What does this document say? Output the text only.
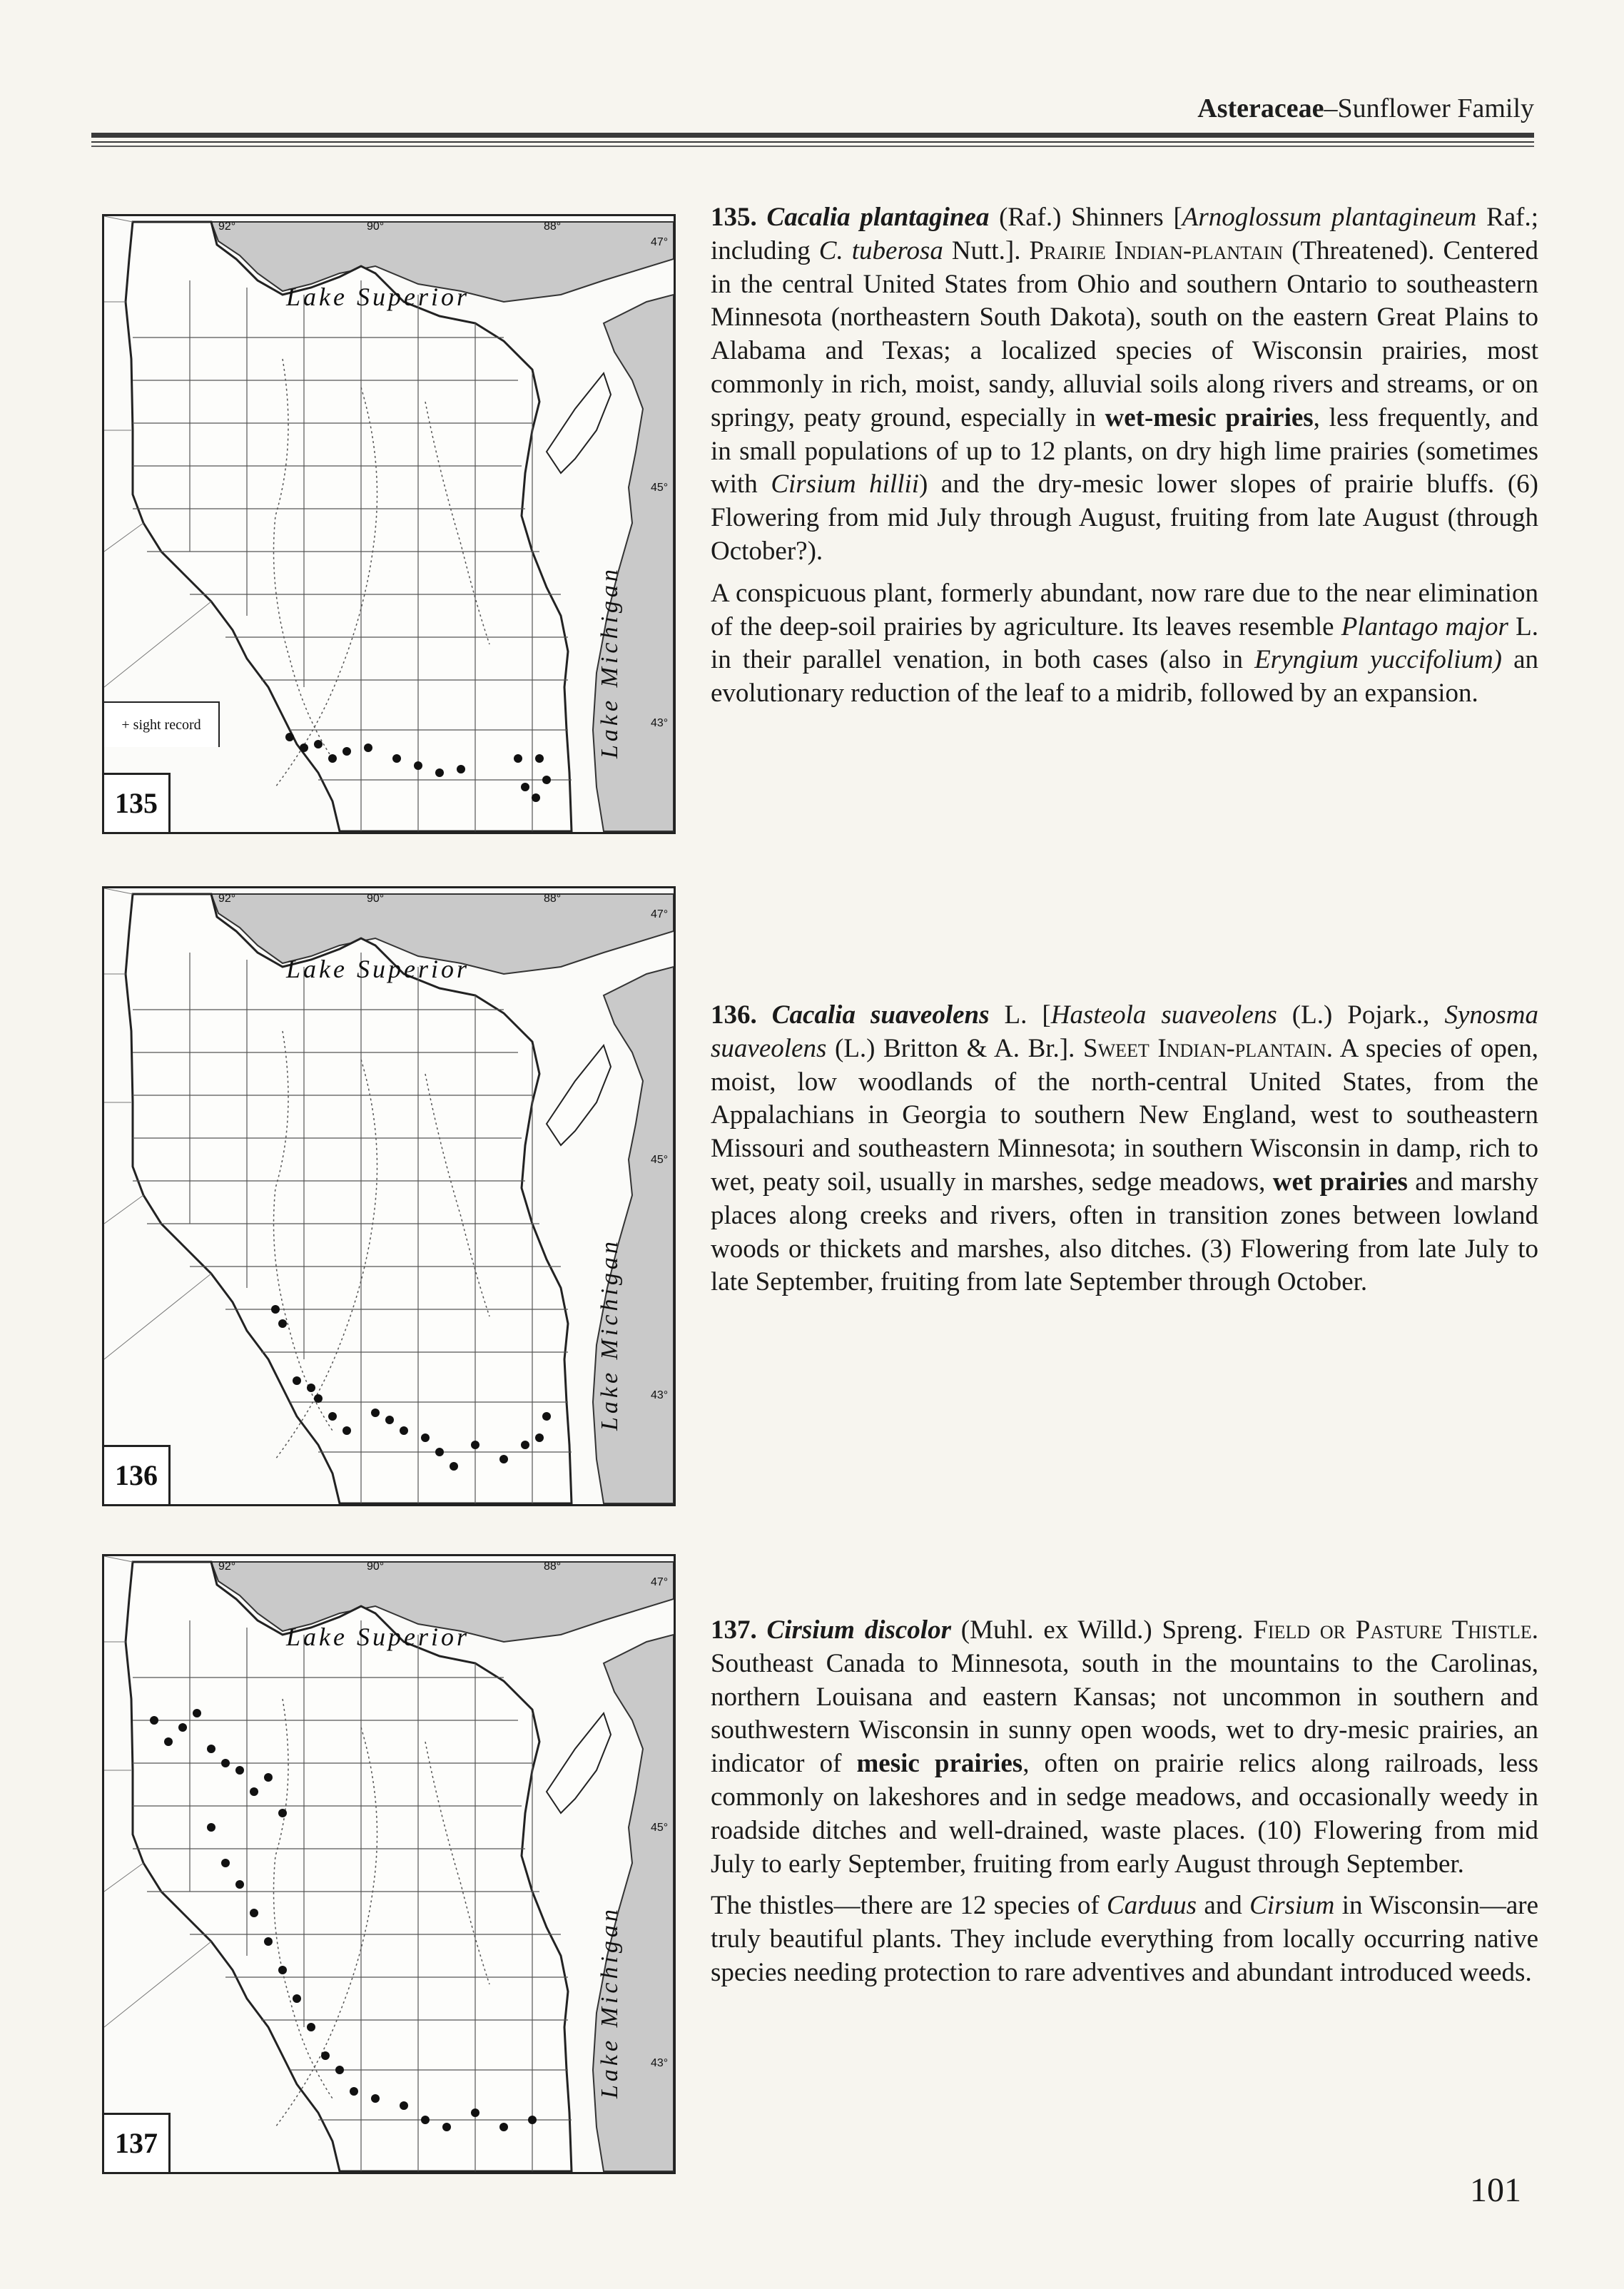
Asteraceae–Sunflower Family
Lake Superior
Lake Michigan
92°	90°	88°
47°
45°
43°
+ sight record
135
Lake Superior
Lake Michigan
92°	90°	88°
47°
45°
43°
136
Lake Superior
Lake Michigan
92°	90°	88°
47°
45°
43°
137

135. Cacalia plantaginea (Raf.) Shinners [Arnoglossum plantagineum Raf.; including C. tuberosa Nutt.]. Prairie Indian-plantain (Threatened). Centered in the central United States from Ohio and southern Ontario to southeastern Minnesota (northeastern South Dakota), south on the eastern Great Plains to Alabama and Texas; a localized species of Wisconsin prairies, most commonly in rich, moist, sandy, alluvial soils along rivers and streams, or on springy, peaty ground, especially in wet-mesic prairies, less frequently, and in small populations of up to 12 plants, on dry high lime prairies (sometimes with Cirsium hillii) and the dry-mesic lower slopes of prairie bluffs. (6) Flowering from mid July through August, fruiting from late August (through October?).

A conspicuous plant, formerly abundant, now rare due to the near elimination of the deep-soil prairies by agriculture. Its leaves resemble Plantago major L. in their parallel venation, in both cases (also in Eryngium yuccifolium) an evolutionary reduction of the leaf to a midrib, followed by an expansion.

136. Cacalia suaveolens L. [Hasteola suaveolens (L.) Pojark., Synosma suaveolens (L.) Britton & A. Br.]. Sweet Indian-plantain. A species of open, moist, low woodlands of the north-central United States, from the Appalachians in Georgia to southern New England, west to southeastern Missouri and southeastern Minnesota; in southern Wisconsin in damp, rich to wet, peaty soil, usually in marshes, sedge meadows, wet prairies and marshy places along creeks and rivers, often in transition zones between lowland woods or thickets and marshes, also ditches. (3) Flowering from late July to late September, fruiting from late September through October.

137. Cirsium discolor (Muhl. ex Willd.) Spreng. Field or Pasture Thistle. Southeast Canada to Minnesota, south in the mountains to the Carolinas, northern Louisana and eastern Kansas; not uncommon in southern and southwestern Wisconsin in sunny open woods, wet to dry-mesic prairies, an indicator of mesic prairies, often on prairie relics along railroads, less commonly on lakeshores and in sedge meadows, and occasionally weedy in roadside ditches and well-drained, waste places. (10) Flowering from mid July to early September, fruiting from early August through September.

The thistles—there are 12 species of Carduus and Cirsium in Wisconsin—are truly beautiful plants. They include everything from locally occurring native species needing protection to rare adventives and abundant introduced weeds.

101
